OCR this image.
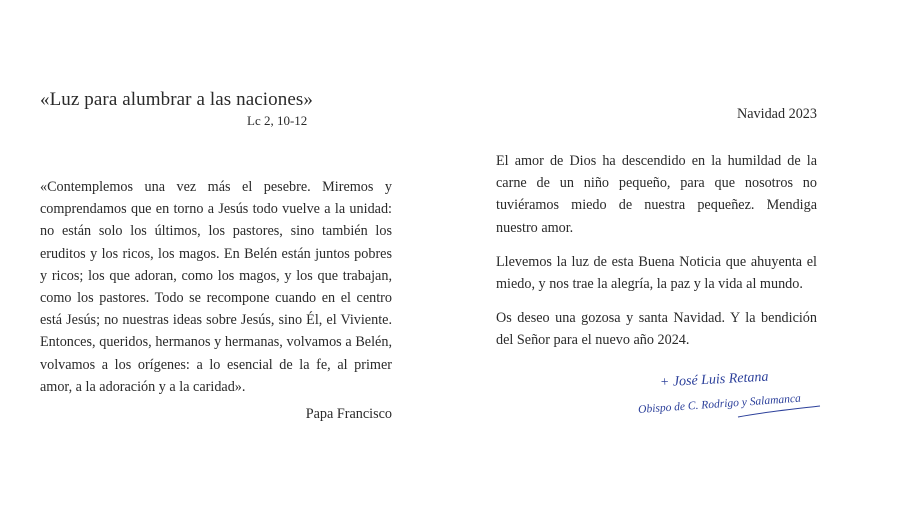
«Luz para alumbrar a las naciones»

Lc 2, 10-12

«Contemplemos una vez más el pesebre. Miremos y comprendamos que en torno a Jesús todo vuelve a la unidad: no están solo los últimos, los pastores, sino también los eruditos y los ricos, los magos. En Belén están juntos pobres y ricos; los que adoran, como los magos, y los que trabajan, como los pastores. Todo se recompone cuando en el centro está Jesús; no nuestras ideas sobre Jesús, sino Él, el Viviente. Entonces, queridos, hermanos y hermanas, volvamos a Belén, volvamos a los orígenes: a lo esencial de la fe, al primer amor, a la adoración y a la caridad».

Papa Francisco

Navidad 2023

El amor de Dios ha descendido en la humildad de la carne de un niño pequeño, para que nosotros no tuviéramos miedo de nuestra pequeñez. Mendiga nuestro amor.

Llevemos la luz de esta Buena Noticia que ahuyenta el miedo, y nos trae la alegría, la paz y la vida al mundo.

Os deseo una gozosa y santa Navidad. Y la bendición del Señor para el nuevo año 2024.

+ José Luis Retana
Obispo de C. Rodrigo y Salamanca
